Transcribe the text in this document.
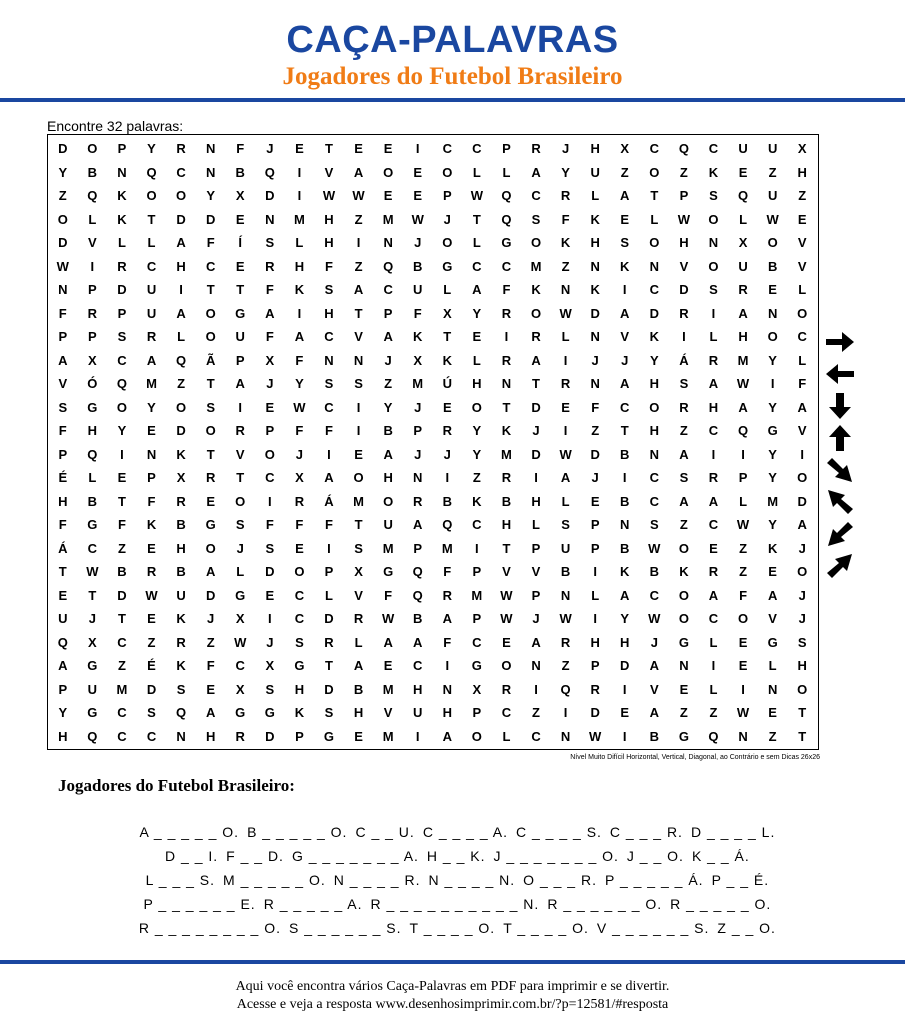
CAÇA-PALAVRAS
Jogadores do Futebol Brasileiro
Encontre 32 palavras:
D	O	P	Y	R	N	F	J	E	T	E	E	I	C	C	P	R	J	H	X	C	Q	C	U	U	X
Y	B	N	Q	C	N	B	Q	I	V	A	O	E	O	L	L	A	Y	U	Z	O	Z	K	E	Z	H
Z	Q	K	O	O	Y	X	D	I	W	W	E	E	P	W	Q	C	R	L	A	T	P	S	Q	U	Z
O	L	K	T	D	D	E	N	M	H	Z	M	W	J	T	Q	S	F	K	E	L	W	O	L	W	E
D	V	L	L	A	F	Í	S	L	H	I	N	J	O	L	G	O	K	H	S	O	H	N	X	O	V
W	I	R	C	H	C	E	R	H	F	Z	Q	B	G	C	C	M	Z	N	K	N	V	O	U	B	V
N	P	D	U	I	T	T	F	K	S	A	C	U	L	A	F	K	N	K	I	C	D	S	R	E	L
F	R	P	U	A	O	G	A	I	H	T	P	F	X	Y	R	O	W	D	A	D	R	I	A	N	O
P	P	S	R	L	O	U	F	A	C	V	A	K	T	E	I	R	L	N	V	K	I	L	H	O	C
A	X	C	A	Q	Ã	P	X	F	N	N	J	X	K	L	R	A	I	J	J	Y	Á	R	M	Y	L
V	Ó	Q	M	Z	T	A	J	Y	S	S	Z	M	Ú	H	N	T	R	N	A	H	S	A	W	I	F
S	G	O	Y	O	S	I	E	W	C	I	Y	J	E	O	T	D	E	F	C	O	R	H	A	Y	A
F	H	Y	E	D	O	R	P	F	F	I	B	P	R	Y	K	J	I	Z	T	H	Z	C	Q	G	V
P	Q	I	N	K	T	V	O	J	I	E	A	J	J	Y	M	D	W	D	B	N	A	I	I	Y	I
É	L	E	P	X	R	T	C	X	A	O	H	N	I	Z	R	I	A	J	I	C	S	R	P	Y	O
H	B	T	F	R	E	O	I	R	Á	M	O	R	B	K	B	H	L	E	B	C	A	A	L	M	D
F	G	F	K	B	G	S	F	F	F	T	U	A	Q	C	H	L	S	P	N	S	Z	C	W	Y	A
Á	C	Z	E	H	O	J	S	E	I	S	M	P	M	I	T	P	U	P	B	W	O	E	Z	K	J
T	W	B	R	B	A	L	D	O	P	X	G	Q	F	P	V	V	B	I	K	B	K	R	Z	E	O
E	T	D	W	U	D	G	E	C	L	V	F	Q	R	M	W	P	N	L	A	C	O	A	F	A	J
U	J	T	E	K	J	X	I	C	D	R	W	B	A	P	W	J	W	I	Y	W	O	C	O	V	J
Q	X	C	Z	R	Z	W	J	S	R	L	A	A	F	C	E	A	R	H	H	J	G	L	E	G	S
A	G	Z	É	K	F	C	X	G	T	A	E	C	I	G	O	N	Z	P	D	A	N	I	E	L	H
P	U	M	D	S	E	X	S	H	D	B	M	H	N	X	R	I	Q	R	I	V	E	L	I	N	O
Y	G	C	S	Q	A	G	G	K	S	H	V	U	H	P	C	Z	I	D	E	A	Z	Z	W	E	T
H	Q	C	C	N	H	R	D	P	G	E	M	I	A	O	L	C	N	W	I	B	G	Q	N	Z	T
Nível Muito Difícil Horizontal, Vertical, Diagonal, ao Contrário e sem Dicas 26x26
Jogadores do Futebol Brasileiro:

A _ _ _ _ _ O. B _ _ _ _ _ O. C _ _ U. C _ _ _ _ A. C _ _ _ _ S. C _ _ _ R. D _ _ _ _ L.

D _ _ I. F _ _ D. G _ _ _ _ _ _ _ A. H _ _ K. J _ _ _ _ _ _ _ O. J _ _ O. K _ _ Á.

L _ _ _ S. M _ _ _ _ _ O. N _ _ _ _ R. N _ _ _ _ N. O _ _ _ R. P _ _ _ _ _ Á. P _ _ É.

P _ _ _ _ _ _ E. R _ _ _ _ _ A. R _ _ _ _ _ _ _ _ _ _ N. R _ _ _ _ _ _ O. R _ _ _ _ _ O.

R _ _ _ _ _ _ _ _ O. S _ _ _ _ _ _ S. T _ _ _ _ O. T _ _ _ _ O. V _ _ _ _ _ _ S. Z _ _ O.

Aqui você encontra vários Caça-Palavras em PDF para imprimir e se divertir.
Acesse e veja a resposta www.desenhosimprimir.com.br/?p=12581/#resposta
